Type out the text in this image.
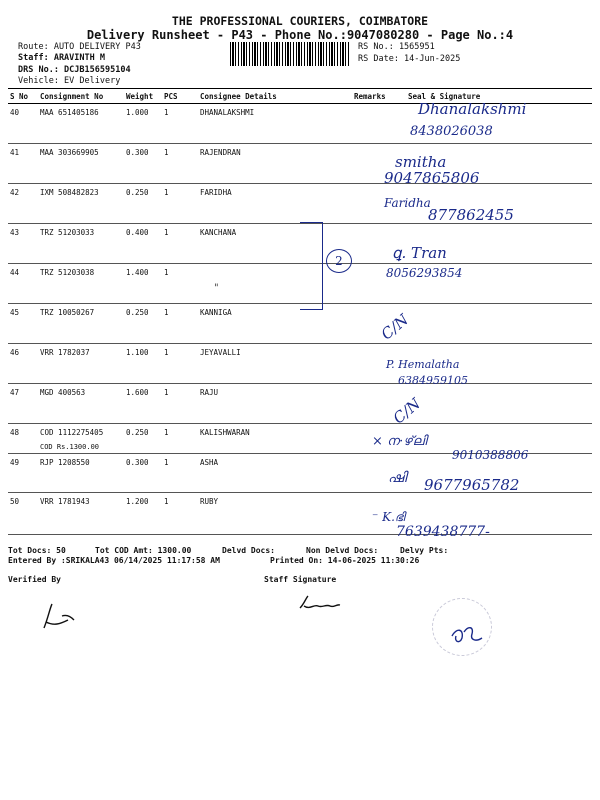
THE PROFESSIONAL COURIERS, COIMBATORE
Delivery Runsheet - P43 - Phone No.:9047080280 - Page No.:4
Route: AUTO DELIVERY P43
Staff: ARAVINTH M
DRS No.: DCJB156595104
Vehicle: EV Delivery
RS No.: 1565951
RS Date: 14-Jun-2025
S No	Consignment No	Weight	PCS	Consignee Details	Remarks	Seal & Signature
40	MAA 651405186	1.000	1	DHANALAKSHMI		
41	MAA 303669905	0.300	1	RAJENDRAN		
42	IXM 508482823	0.250	1	FARIDHA		
43	TRZ 51203033	0.400	1	KANCHANA		
44	TRZ 51203038	1.400	1			
45	TRZ 10050267	0.250	1	KANNIGA		
46	VRR 1782037	1.100	1	JEYAVALLI		
47	MGD 400563	1.600	1	RAJU		
48	COD 1112275405
COD Rs.1300.00	0.250	1	KALISHWARAN		
49	RJP 1208550	0.300	1	ASHA		
50	VRR 1781943	1.200	1	RUBY		
Dhanalakshmi
8438026038
smitha
9047865806
Faridha
877862455
2	ꝗ. Tran
8056293854
"
C/N
P. Hemalatha
6384959105
C/N
× ന·ഴ്‌ലി
9010388806
ഷി 9677965782
⁻ K.ഭി
7639438777-
Tot Docs: 50	Tot COD Amt: 1300.00	Delvd Docs:	Non Delvd Docs:	Delvy Pts:
Entered By :SRIKALA43 06/14/2025 11:17:58 AM	Printed On: 14-06-2025 11:30:26
Verified By	Staff Signature
